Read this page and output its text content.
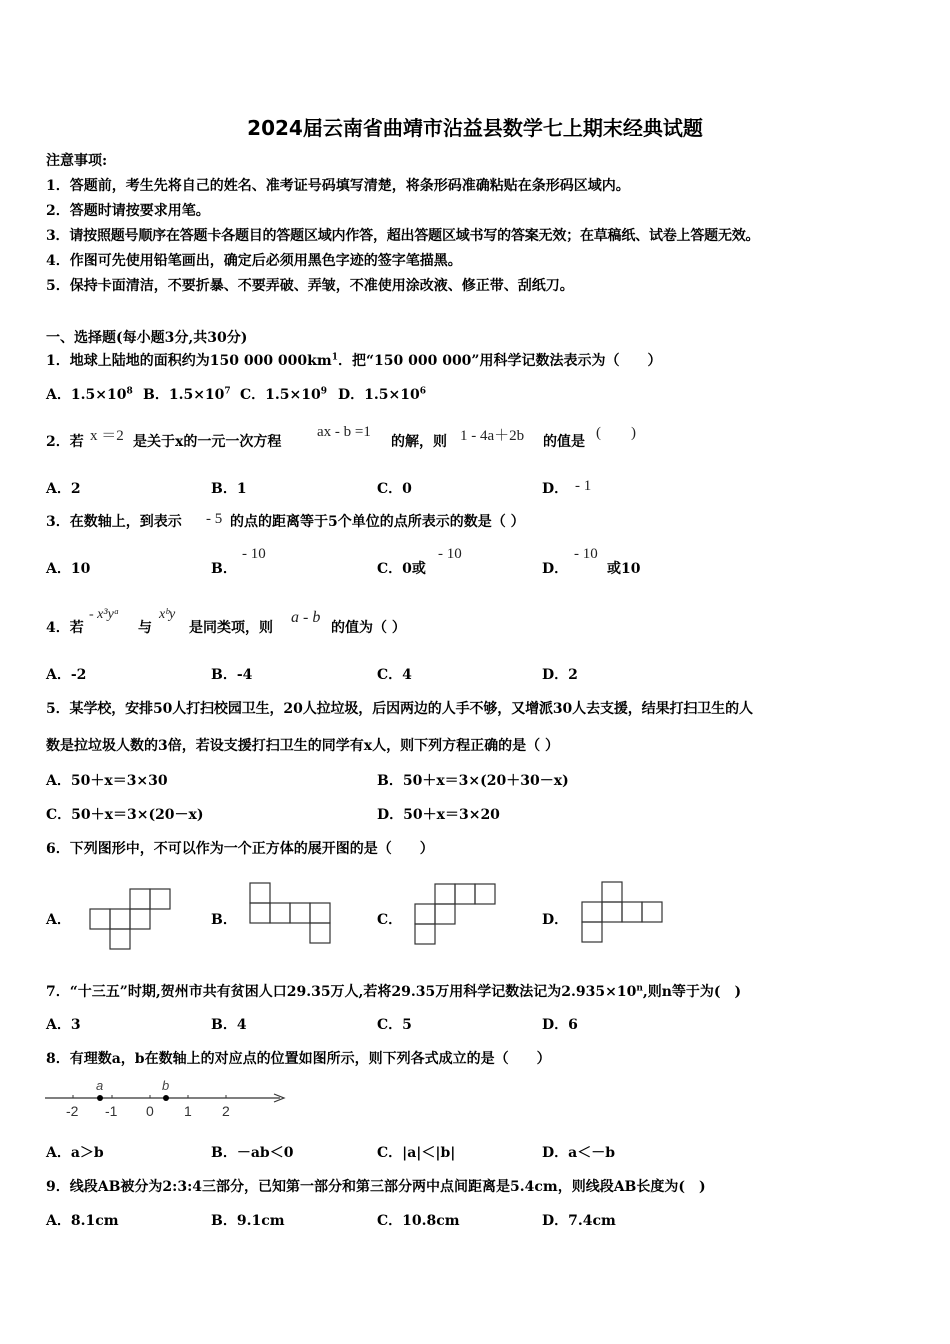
2024届云南省曲靖市沾益县数学七上期末经典试题
注意事项:
1．答题前，考生先将自己的姓名、准考证号码填写清楚，将条形码准确粘贴在条形码区域内。
2．答题时请按要求用笔。
3．请按照题号顺序在答题卡各题目的答题区域内作答，超出答题区域书写的答案无效；在草稿纸、试卷上答题无效。
4．作图可先使用铅笔画出，确定后必须用黑色字迹的签字笔描黑。
5．保持卡面清洁，不要折暴、不要弄破、弄皱，不准使用涂改液、修正带、刮纸刀。
一、选择题(每小题3分,共30分)
1．地球上陆地的面积约为150 000 $000km^1$．把“150 000 000”用科学记数法表示为（　　）
A．$1.5\times 10^8$ B．$1.5\times 10^7$ C．$1.5\times 10^9$ D．$1.5\times 10^6$
2．若 x ＝2 是关于x的一元一次方程
ax - b =1
的解，则 1 - 4a＋2b 的值是
(　　)
A．2	B．1	C．0	D． - 1
3．在数轴上，到表示 - 5 的点的距离等于5个单位的点所表示的数是（ ）
A．10	B．
- 10
C．0或
- 10
D．
- 10
或10
4．若
- x³yᵃ
与
xᵇy
是同类项，则
a - b
的值为（ ）
A．-2	B．-4	C．4	D．2
5．某学校，安排50人打扫校园卫生，20人拉垃圾，后因两边的人手不够，又增派30人去支援，结果打扫卫生的人
数是拉垃圾人数的3倍，若设支援打扫卫生的同学有x人，则下列方程正确的是（ ）
A．50＋x＝3×30	B．50＋x＝3×(20＋30－x)
C．50＋x＝3×(20－x)	D．50＋x＝3×20
6．下列图形中，不可以作为一个正方体的展开图的是（　　）
A．	B．	C．	D．
7．“十三五”时期,贺州市共有贫困人口29.35万人,若将29.35万用科学记数法记为$2.935\times 10^n$,则n等于为(　)
A．3	B．4	C．5	D．6
8．有理数a，b在数轴上的对应点的位置如图所示，则下列各式成立的是（　　）
a	b
-2 -1 0 1 2
A．a＞b	B．－ab＜0	C．|a|＜|b|	D．a＜－b
9．线段AB被分为2:3:4三部分，已知第一部分和第三部分两中点间距离是5.4cm，则线段AB长度为(　)
A．8.1cm	B．9.1cm	C．10.8cm	D．7.4cm
